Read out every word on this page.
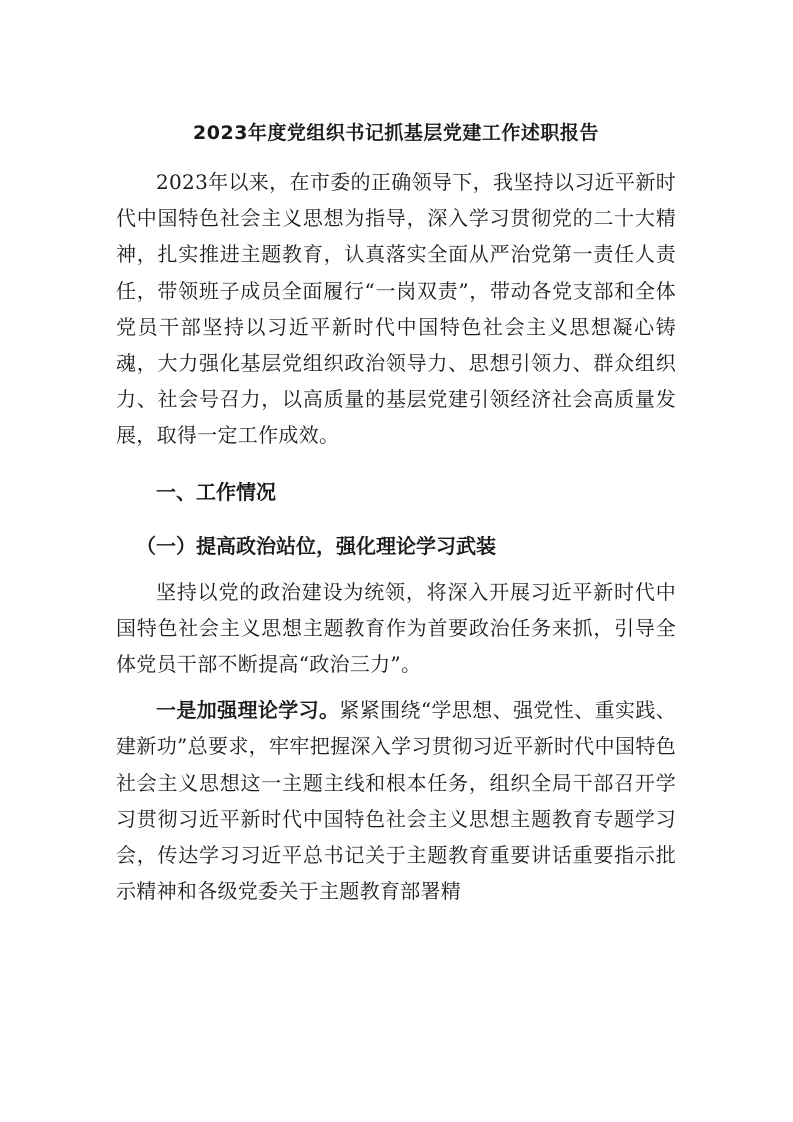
2023年度党组织书记抓基层党建工作述职报告

2023年以来，在市委的正确领导下，我坚持以习近平新时代中国特色社会主义思想为指导，深入学习贯彻党的二十大精神，扎实推进主题教育，认真落实全面从严治党第一责任人责任，带领班子成员全面履行“一岗双责”，带动各党支部和全体党员干部坚持以习近平新时代中国特色社会主义思想凝心铸魂，大力强化基层党组织政治领导力、思想引领力、群众组织力、社会号召力，以高质量的基层党建引领经济社会高质量发展，取得一定工作成效。

一、工作情况
（一）提高政治站位，强化理论学习武装

坚持以党的政治建设为统领，将深入开展习近平新时代中国特色社会主义思想主题教育作为首要政治任务来抓，引导全体党员干部不断提高“政治三力”。

一是加强理论学习。紧紧围绕“学思想、强党性、重实践、建新功”总要求，牢牢把握深入学习贯彻习近平新时代中国特色社会主义思想这一主题主线和根本任务，组织全局干部召开学习贯彻习近平新时代中国特色社会主义思想主题教育专题学习会，传达学习习近平总书记关于主题教育重要讲话重要指示批示精神和各级党委关于主题教育部署精
